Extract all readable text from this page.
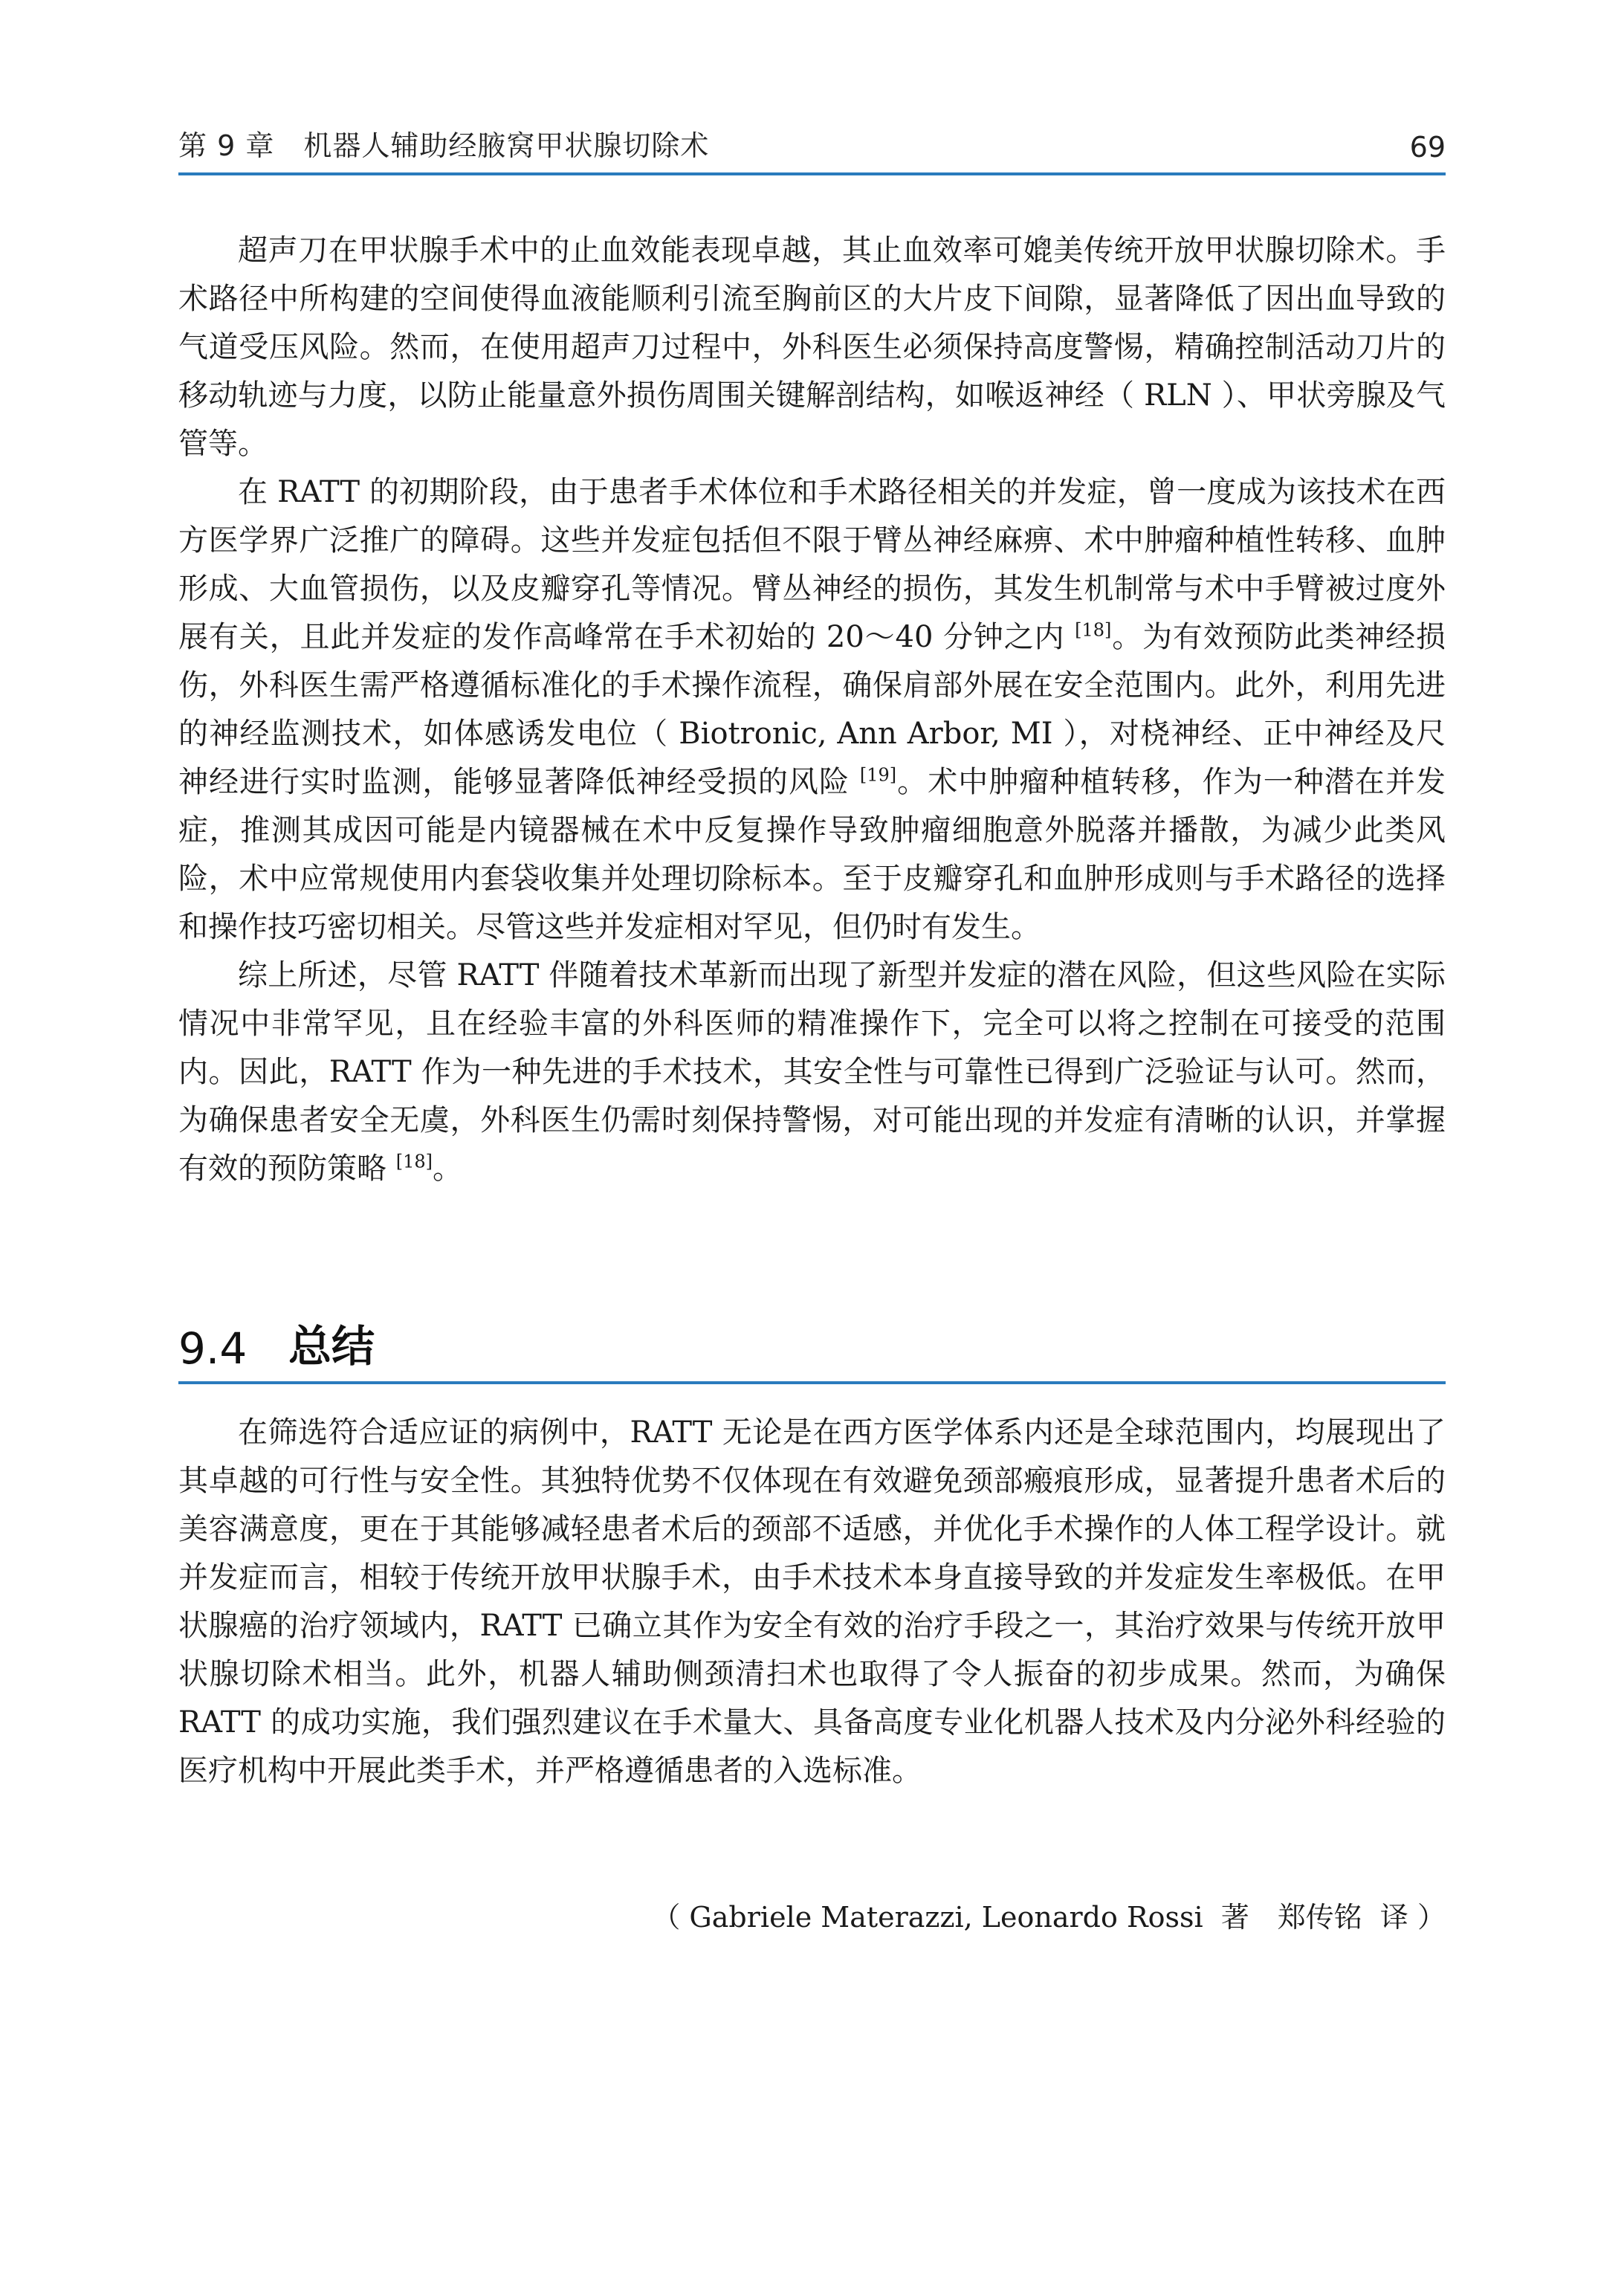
第 9 章　机器人辅助经腋窝甲状腺切除术	69

超声刀在甲状腺手术中的止血效能表现卓越，其止血效率可媲美传统开放甲状腺切除术。手术路径中所构建的空间使得血液能顺利引流至胸前区的大片皮下间隙，显著降低了因出血导致的气道受压风险。然而，在使用超声刀过程中，外科医生必须保持高度警惕，精确控制活动刀片的移动轨迹与力度，以防止能量意外损伤周围关键解剖结构，如喉返神经（ RLN ）、甲状旁腺及气管等。

在 RATT 的初期阶段，由于患者手术体位和手术路径相关的并发症，曾一度成为该技术在西方医学界广泛推广的障碍。这些并发症包括但不限于臂丛神经麻痹、术中肿瘤种植性转移、血肿形成、大血管损伤，以及皮瓣穿孔等情况。臂丛神经的损伤，其发生机制常与术中手臂被过度外展有关，且此并发症的发作高峰常在手术初始的 20～40 分钟之内 [18]。为有效预防此类神经损伤，外科医生需严格遵循标准化的手术操作流程，确保肩部外展在安全范围内。此外，利用先进的神经监测技术，如体感诱发电位（ Biotronic, Ann Arbor, MI ），对桡神经、正中神经及尺神经进行实时监测，能够显著降低神经受损的风险 [19]。术中肿瘤种植转移，作为一种潜在并发症，推测其成因可能是内镜器械在术中反复操作导致肿瘤细胞意外脱落并播散，为减少此类风险，术中应常规使用内套袋收集并处理切除标本。至于皮瓣穿孔和血肿形成则与手术路径的选择和操作技巧密切相关。尽管这些并发症相对罕见，但仍时有发生。

综上所述，尽管 RATT 伴随着技术革新而出现了新型并发症的潜在风险，但这些风险在实际情况中非常罕见，且在经验丰富的外科医师的精准操作下，完全可以将之控制在可接受的范围内。因此，RATT 作为一种先进的手术技术，其安全性与可靠性已得到广泛验证与认可。然而，为确保患者安全无虞，外科医生仍需时刻保持警惕，对可能出现的并发症有清晰的认识，并掌握有效的预防策略 [18]。

9.4 总结

在筛选符合适应证的病例中，RATT 无论是在西方医学体系内还是全球范围内，均展现出了其卓越的可行性与安全性。其独特优势不仅体现在有效避免颈部瘢痕形成，显著提升患者术后的美容满意度，更在于其能够减轻患者术后的颈部不适感，并优化手术操作的人体工程学设计。就并发症而言，相较于传统开放甲状腺手术，由手术技术本身直接导致的并发症发生率极低。在甲状腺癌的治疗领域内，RATT 已确立其作为安全有效的治疗手段之一，其治疗效果与传统开放甲状腺切除术相当。此外，机器人辅助侧颈清扫术也取得了令人振奋的初步成果。然而，为确保 RATT 的成功实施，我们强烈建议在手术量大、具备高度专业化机器人技术及内分泌外科经验的医疗机构中开展此类手术，并严格遵循患者的入选标准。

（ Gabriele Materazzi, Leonardo Rossi  著　郑传铭  译 ）
